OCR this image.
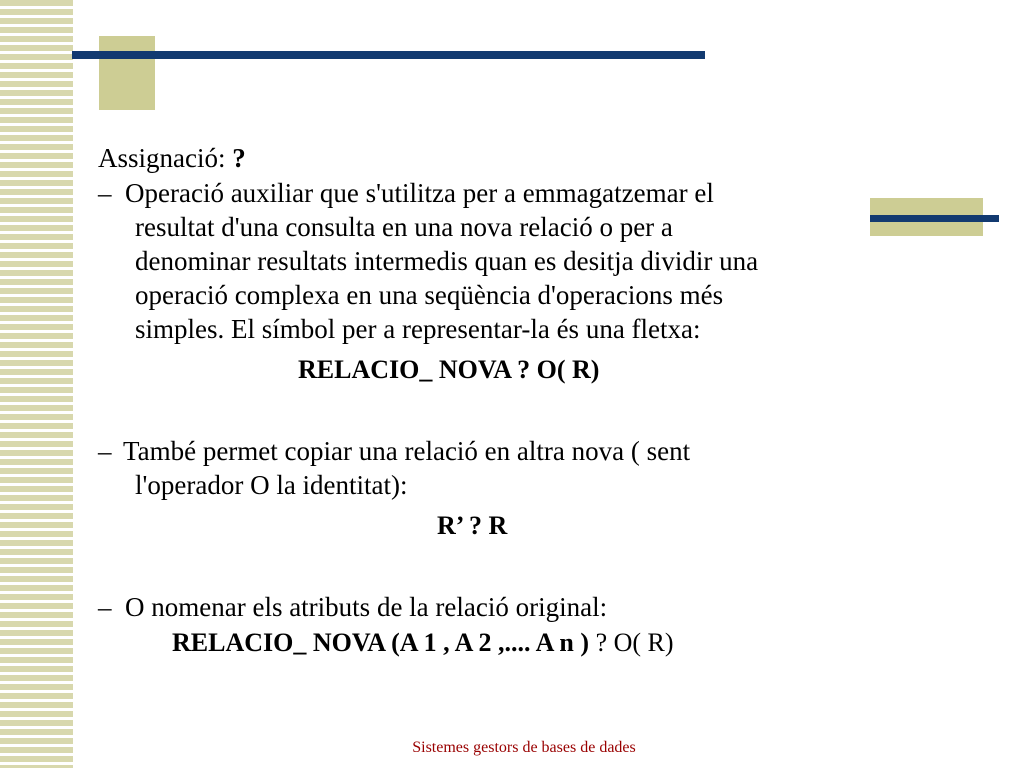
Assignació: ?
– Operació auxiliar que s'utilitza per a emmagatzemar el
resultat d'una consulta en una nova relació o per a
denominar resultats intermedis quan es desitja dividir una
operació complexa en una seqüència d'operacions més
simples. El símbol per a representar-la és una fletxa:
RELACIO_ NOVA ? O( R)
– També permet copiar una relació en altra nova ( sent
l'operador O la identitat):
R’ ? R
– O nomenar els atributs de la relació original:
RELACIO_ NOVA (A 1 , A 2 ,.... A n ) ? O( R)
Sistemes gestors de bases de dades
